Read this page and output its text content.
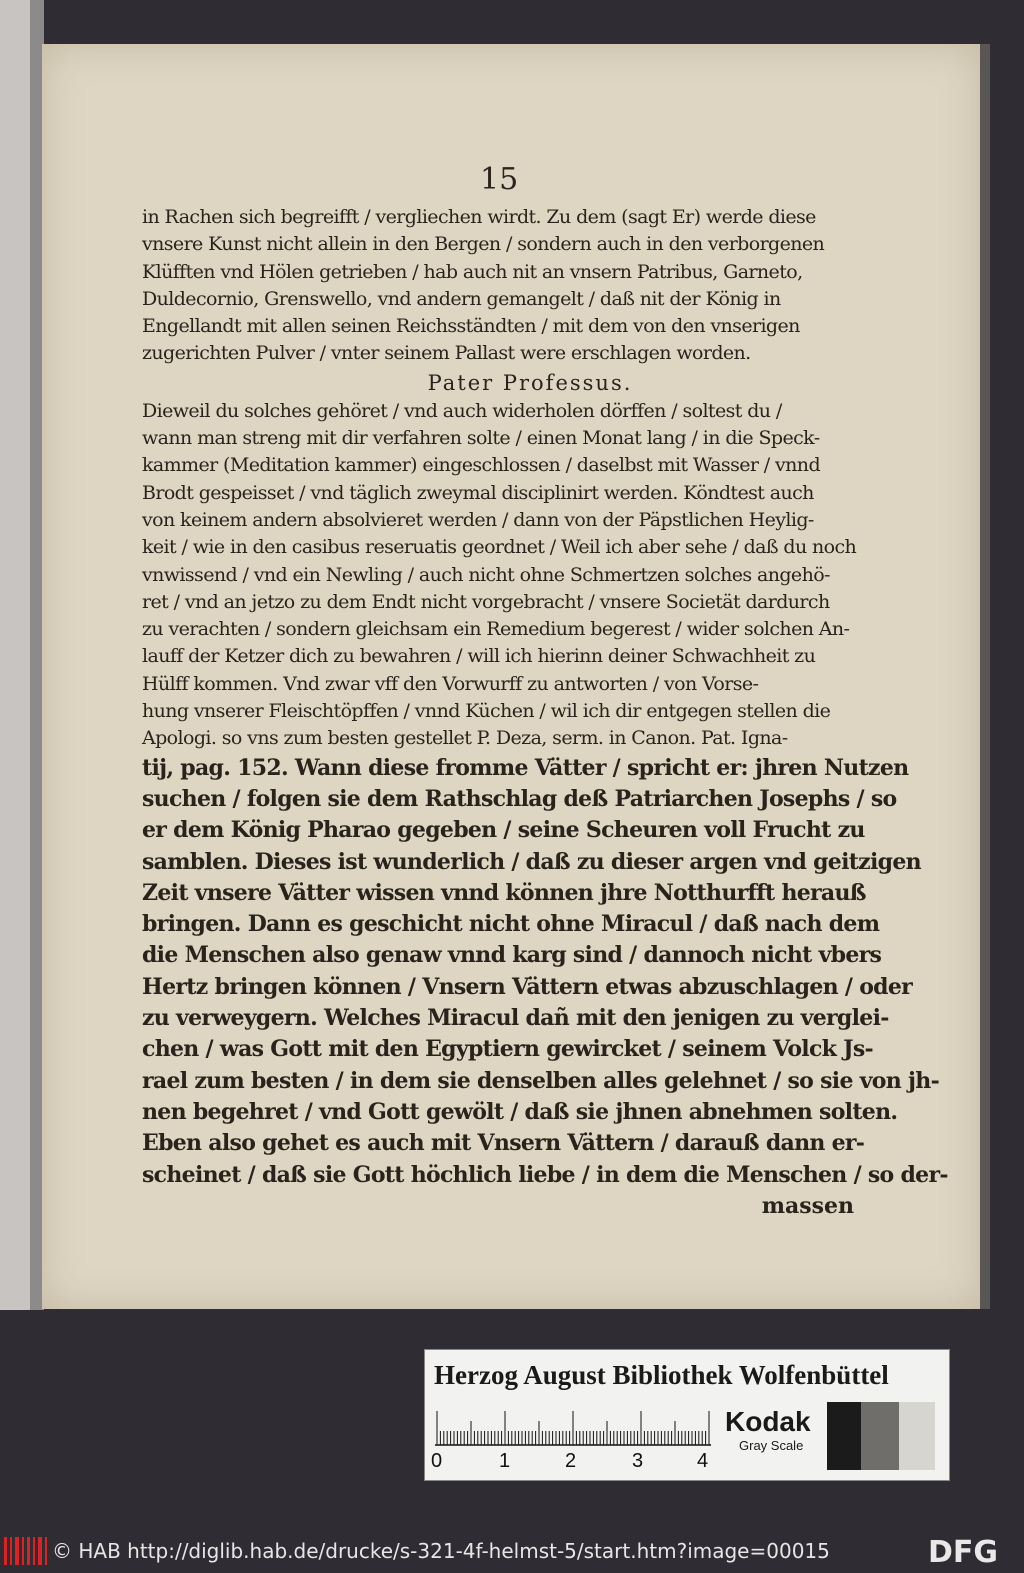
15
in Rachen sich begreifft / vergliechen wirdt. Zu dem (sagt Er) werde diese
vnsere Kunst nicht allein in den Bergen / sondern auch in den verborgenen
Klüfften vnd Hölen getrieben / hab auch nit an vnsern Patribus, Garneto,
Duldecornio, Grenswello, vnd andern gemangelt / daß nit der König in
Engellandt mit allen seinen Reichsständten / mit dem von den vnserigen
zugerichten Pulver / vnter seinem Pallast were erschlagen worden.
Pater Professus.
Dieweil du solches gehöret / vnd auch widerholen dörffen / soltest du /
wann man streng mit dir verfahren solte / einen Monat lang / in die Speck-
kammer (Meditation kammer) eingeschlossen / daselbst mit Wasser / vnnd
Brodt gespeisset / vnd täglich zweymal disciplinirt werden. Köndtest auch
von keinem andern absolvieret werden / dann von der Päpstlichen Heylig-
keit / wie in den casibus reseruatis geordnet / Weil ich aber sehe / daß du noch
vnwissend / vnd ein Newling / auch nicht ohne Schmertzen solches angehö-
ret / vnd an jetzo zu dem Endt nicht vorgebracht / vnsere Societät dardurch
zu verachten / sondern gleichsam ein Remedium begerest / wider solchen An-
lauff der Ketzer dich zu bewahren / will ich hierinn deiner Schwachheit zu
Hülff kommen. Vnd zwar vff den Vorwurff zu antworten / von Vorse-
hung vnserer Fleischtöpffen / vnnd Küchen / wil ich dir entgegen stellen die
Apologi. so vns zum besten gestellet P. Deza, serm. in Canon. Pat. Igna-
tij, pag. 152. Wann diese fromme Vätter / spricht er: jhren Nutzen
suchen / folgen sie dem Rathschlag deß Patriarchen Josephs / so
er dem König Pharao gegeben / seine Scheuren voll Frucht zu
samblen. Dieses ist wunderlich / daß zu dieser argen vnd geitzigen
Zeit vnsere Vätter wissen vnnd können jhre Notthurfft herauß
bringen. Dann es geschicht nicht ohne Miracul / daß nach dem
die Menschen also genaw vnnd karg sind / dannoch nicht vbers
Hertz bringen können / Vnsern Vättern etwas abzuschlagen / oder
zu verweygern. Welches Miracul dañ mit den jenigen zu verglei-
chen / was Gott mit den Egyptiern gewircket / seinem Volck Js-
rael zum besten / in dem sie denselben alles gelehnet / so sie von jh-
nen begehret / vnd Gott gewölt / daß sie jhnen abnehmen solten.
Eben also gehet es auch mit Vnsern Vättern / darauß dann er-
scheinet / daß sie Gott höchlich liebe / in dem die Menschen / so der-
massen
Herzog August Bibliothek Wolfenbüttel
0	1	2	3	4
Kodak
Gray Scale
© HAB http://diglib.hab.de/drucke/s-321-4f-helmst-5/start.htm?image=00015	DFG
